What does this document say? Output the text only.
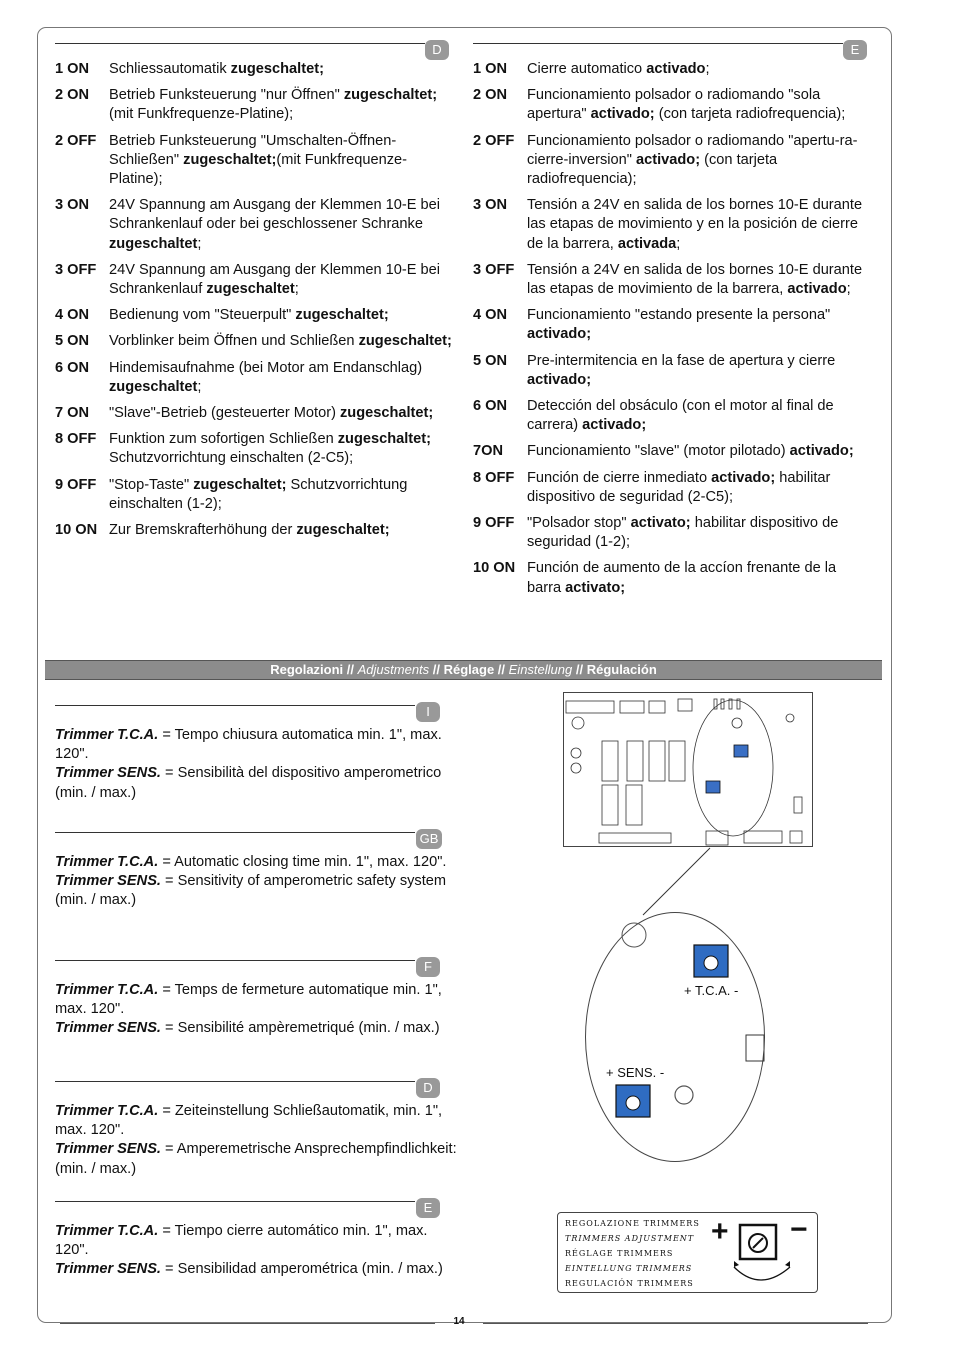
D
1 ON	Schliessautomatik zugeschaltet;
2 ON	Betrieb Funksteuerung "nur Öffnen" zugeschaltet; (mit Funkfrequenze-Platine);
2 OFF Betrieb Funksteuerung "Umschalten-Öffnen-Schließen" zugeschaltet;(mit Funkfrequenze-Platine);
3 ON	24V Spannung am Ausgang der Klemmen 10-E bei Schrankenlauf oder bei geschlossener Schranke zugeschaltet;
3 OFF 24V Spannung am Ausgang der Klemmen 10-E bei Schrankenlauf zugeschaltet;
4 ON	Bedienung vom "Steuerpult" zugeschaltet;
5 ON	Vorblinker beim Öffnen und Schließen zugeschaltet;
6 ON	Hindemisaufnahme (bei Motor am Endanschlag) zugeschaltet;
7 ON	"Slave"-Betrieb (gesteuerter Motor) zugeschaltet;
8 OFF Funktion zum sofortigen Schließen zugeschaltet; Schutzvorrichtung einschalten (2-C5);
9 OFF "Stop-Taste" zugeschaltet; Schutzvorrichtung einschalten (1-2);
10 ON Zur Bremskrafterhöhung der zugeschaltet;
E
1 ON	Cierre automatico activado;
2 ON	Funcionamiento polsador o radiomando "sola apertura" activado; (con tarjeta radiofrequencia);
2 OFF Funcionamiento polsador o radiomando "apertu-ra-cierre-inversion" activado; (con tarjeta radiofrequencia);
3 ON	Tensión a 24V en salida de los bornes 10-E durante las etapas de movimiento y en la posición de cierre de la barrera, activada;
3 OFF Tensión a 24V en salida de los bornes 10-E durante las etapas de movimiento de la barrera, activado;
4 ON	Funcionamiento "estando presente la persona" activado;
5 ON	Pre-intermitencia en la fase de apertura y cierre activado;
6 ON	Detección del obsáculo (con el motor al final de carrera) activado;
7ON	Funcionamiento "slave" (motor pilotado) activado;
8 OFF Función de cierre inmediato activado; habilitar dispositivo de seguridad (2-C5);
9 OFF "Polsador stop" activato; habilitar dispositivo de seguridad (1-2);
10 ON Función de aumento de la accíon frenante de la barra activato;
Regolazioni // Adjustments // Réglage // Einstellung // Régulación
I
Trimmer T.C.A. = Tempo chiusura automatica min. 1", max. 120".
Trimmer SENS. = Sensibilità del dispositivo amperometrico (min. / max.)
GB
Trimmer T.C.A. = Automatic closing time min. 1", max. 120".
Trimmer SENS. = Sensitivity of amperometric safety system (min. / max.)
F
Trimmer T.C.A. = Temps de fermeture automatique min. 1", max. 120".
Trimmer SENS. = Sensibilité ampèremetriqué (min. / max.)
D
Trimmer T.C.A. = Zeiteinstellung Schließautomatik, min. 1", max. 120".
Trimmer SENS. = Amperemetrische Ansprechempfindlichkeit: (min. / max.)
E
Trimmer T.C.A. = Tiempo cierre automático min. 1", max. 120".
Trimmer SENS. = Sensibilidad amperométrica (min. / max.)
+ T.C.A. -
+ SENS. -
REGOLAZIONE TRIMMERS
TRIMMERS ADJUSTMENT
RÉGLAGE TRIMMERS
EINTELLUNG TRIMMERS
REGULACIÓN TRIMMERS
+ −
14
